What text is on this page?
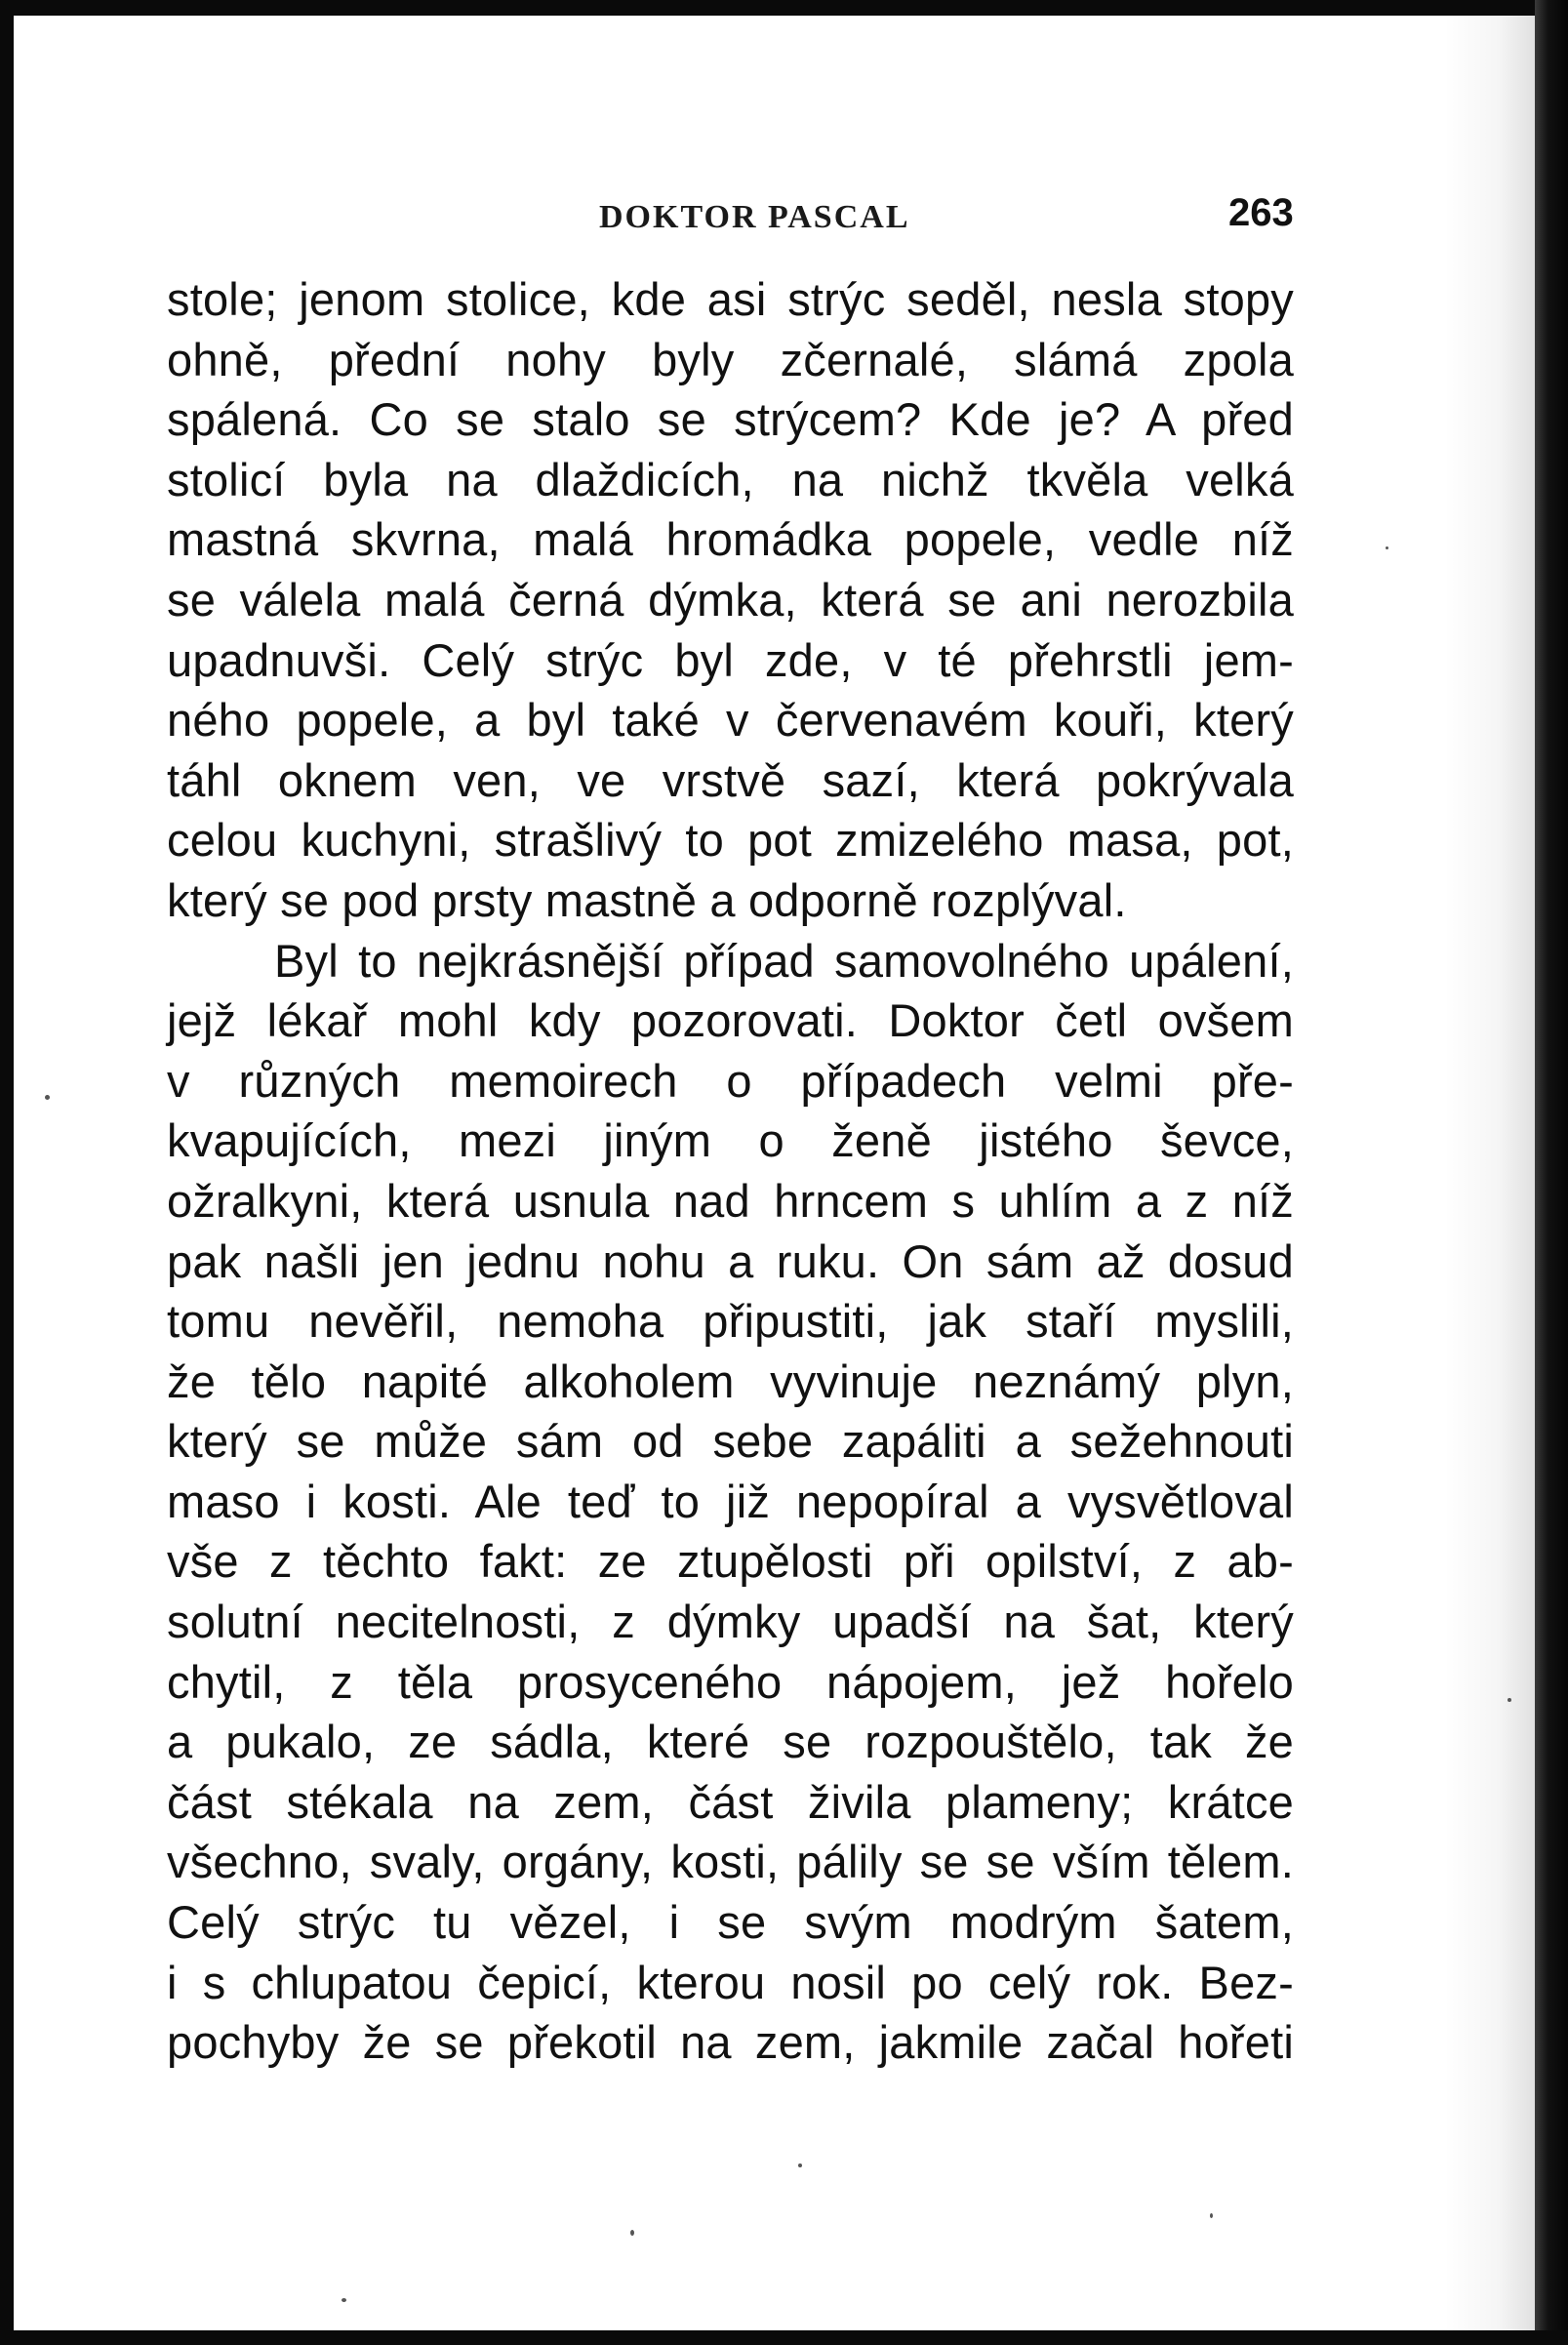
DOKTOR PASCAL	263
stole; jenom stolice, kde asi strýc seděl, nesla stopy
ohně, přední nohy byly zčernalé, slámá zpola
spálená. Co se stalo se strýcem? Kde je? A před
stolicí byla na dlaždicích, na nichž tkvěla velká
mastná skvrna, malá hromádka popele, vedle níž
se válela malá černá dýmka, která se ani nerozbila
upadnuvši. Celý strýc byl zde, v té přehrstli jem-
ného popele, a byl také v červenavém kouři, který
táhl oknem ven, ve vrstvě sazí, která pokrývala
celou kuchyni, strašlivý to pot zmizelého masa, pot,
který se pod prsty mastně a odporně rozplýval.
Byl to nejkrásnější případ samovolného upálení,
jejž lékař mohl kdy pozorovati. Doktor četl ovšem
v různých memoirech o případech velmi pře-
kvapujících, mezi jiným o ženě jistého ševce,
ožralkyni, která usnula nad hrncem s uhlím a z níž
pak našli jen jednu nohu a ruku. On sám až dosud
tomu nevěřil, nemoha připustiti, jak staří myslili,
že tělo napité alkoholem vyvinuje neznámý plyn,
který se může sám od sebe zapáliti a sežehnouti
maso i kosti. Ale teď to již nepopíral a vysvětloval
vše z těchto fakt: ze ztupělosti při opilství, z ab-
solutní necitelnosti, z dýmky upadší na šat, který
chytil, z těla prosyceného nápojem, jež hořelo
a pukalo, ze sádla, které se rozpouštělo, tak že
část stékala na zem, část živila plameny; krátce
všechno, svaly, orgány, kosti, pálily se se vším tělem.
Celý strýc tu vězel, i se svým modrým šatem,
i s chlupatou čepicí, kterou nosil po celý rok. Bez-
pochyby že se překotil na zem, jakmile začal hořeti
